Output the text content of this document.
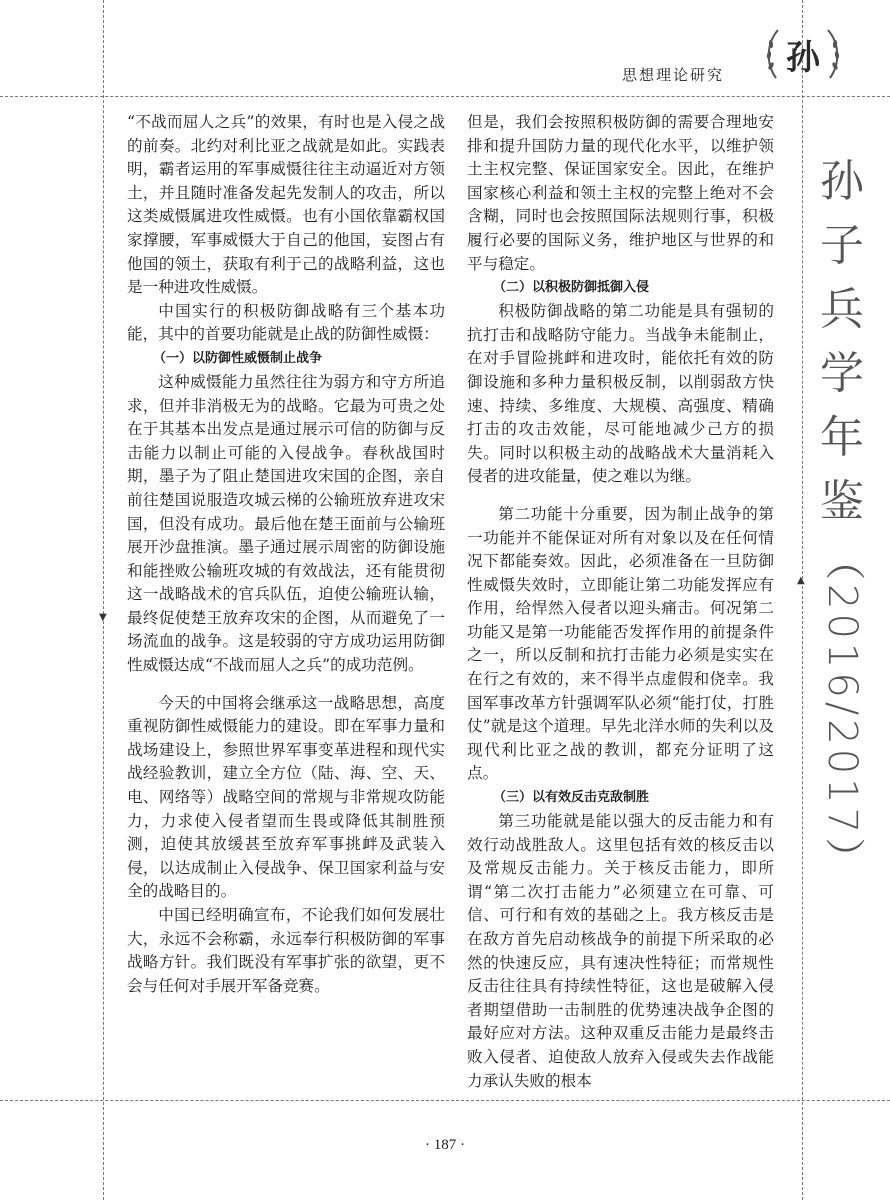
思想理论研究 孙
孙
子
兵
学
年
鉴
（2016/2017）
▼
▲

“不战而屈人之兵”的效果，有时也是入侵之战的前奏。北约对利比亚之战就是如此。实践表明，霸者运用的军事威慑往往主动逼近对方领土，并且随时准备发起先发制人的攻击，所以这类威慑属进攻性威慑。也有小国依靠霸权国家撑腰，军事威慑大于自己的他国，妄图占有他国的领土，获取有利于己的战略利益，这也是一种进攻性威慑。

中国实行的积极防御战略有三个基本功能，其中的首要功能就是止战的防御性威慑：

（一）以防御性威慑制止战争

这种威慑能力虽然往往为弱方和守方所追求，但并非消极无为的战略。它最为可贵之处在于其基本出发点是通过展示可信的防御与反击能力以制止可能的入侵战争。春秋战国时期，墨子为了阻止楚国进攻宋国的企图，亲自前往楚国说服造攻城云梯的公输班放弃进攻宋国，但没有成功。最后他在楚王面前与公输班展开沙盘推演。墨子通过展示周密的防御设施和能挫败公输班攻城的有效战法，还有能贯彻这一战略战术的官兵队伍，迫使公输班认输，最终促使楚王放弃攻宋的企图，从而避免了一场流血的战争。这是较弱的守方成功运用防御性威慑达成“不战而屈人之兵”的成功范例。

今天的中国将会继承这一战略思想，高度重视防御性威慑能力的建设。即在军事力量和战场建设上，参照世界军事变革进程和现代实战经验教训，建立全方位（陆、海、空、天、电、网络等）战略空间的常规与非常规攻防能力，力求使入侵者望而生畏或降低其制胜预测，迫使其放缓甚至放弃军事挑衅及武装入侵，以达成制止入侵战争、保卫国家利益与安全的战略目的。

中国已经明确宣布，不论我们如何发展壮大，永远不会称霸，永远奉行积极防御的军事战略方针。我们既没有军事扩张的欲望，更不会与任何对手展开军备竞赛。

但是，我们会按照积极防御的需要合理地安排和提升国防力量的现代化水平，以维护领土主权完整、保证国家安全。因此，在维护国家核心利益和领土主权的完整上绝对不会含糊，同时也会按照国际法规则行事，积极履行必要的国际义务，维护地区与世界的和平与稳定。

（二）以积极防御抵御入侵

积极防御战略的第二功能是具有强韧的抗打击和战略防守能力。当战争未能制止，在对手冒险挑衅和进攻时，能依托有效的防御设施和多种力量积极反制，以削弱敌方快速、持续、多维度、大规模、高强度、精确打击的攻击效能，尽可能地减少己方的损失。同时以积极主动的战略战术大量消耗入侵者的进攻能量，使之难以为继。

第二功能十分重要，因为制止战争的第一功能并不能保证对所有对象以及在任何情况下都能奏效。因此，必须准备在一旦防御性威慑失效时，立即能让第二功能发挥应有作用，给悍然入侵者以迎头痛击。何况第二功能又是第一功能能否发挥作用的前提条件之一，所以反制和抗打击能力必须是实实在在行之有效的，来不得半点虚假和侥幸。我国军事改革方针强调军队必须“能打仗，打胜仗”就是这个道理。早先北洋水师的失利以及现代利比亚之战的教训，都充分证明了这点。

（三）以有效反击克敌制胜

第三功能就是能以强大的反击能力和有效行动战胜敌人。这里包括有效的核反击以及常规反击能力。关于核反击能力，即所谓“第二次打击能力”必须建立在可靠、可信、可行和有效的基础之上。我方核反击是在敌方首先启动核战争的前提下所采取的必然的快速反应，具有速决性特征；而常规性反击往往具有持续性特征，这也是破解入侵者期望借助一击制胜的优势速决战争企图的最好应对方法。这种双重反击能力是最终击败入侵者、迫使敌人放弃入侵或失去作战能力承认失败的根本

· 187 ·
